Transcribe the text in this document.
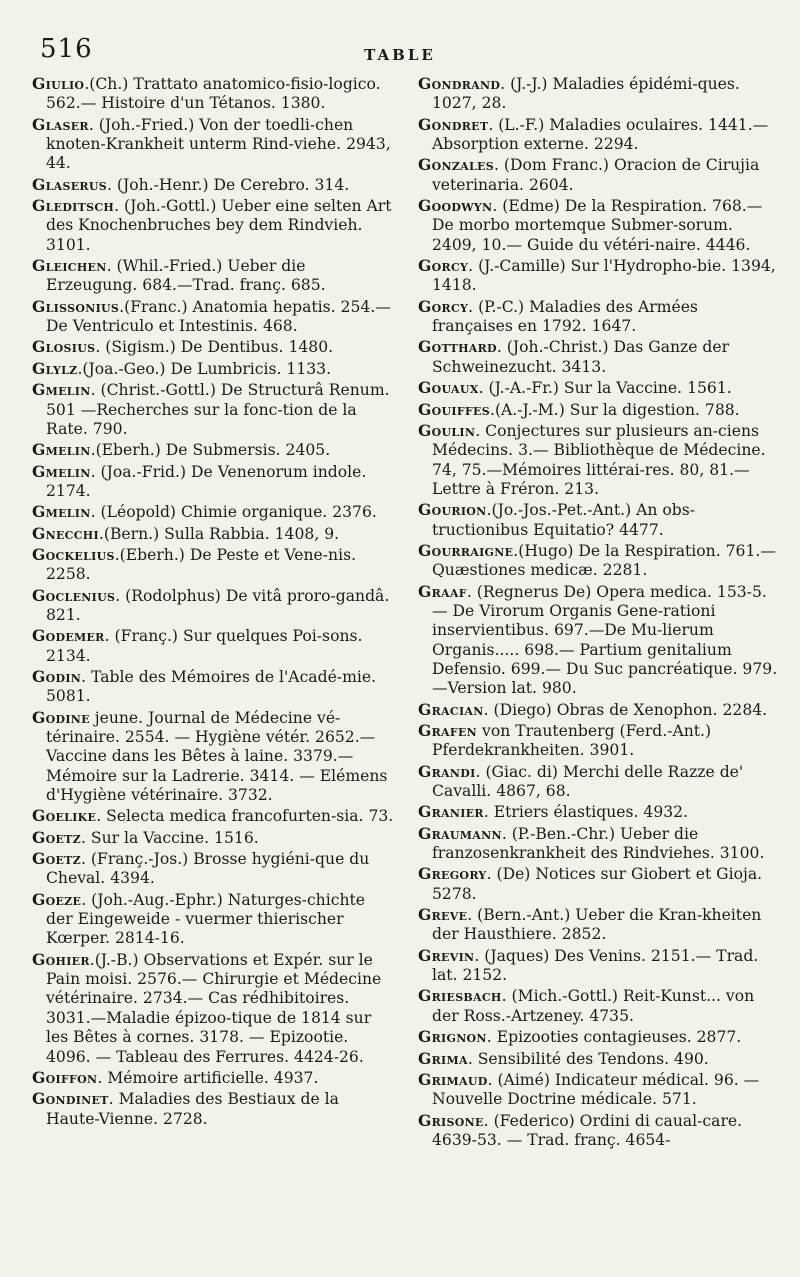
516	TABLE

Giulio.(Ch.) Trattato anatomico-fisio-logico. 562.— Histoire d'un Tétanos. 1380.

Glaser. (Joh.-Fried.) Von der toedli-chen knoten-Krankheit unterm Rind-viehe. 2943, 44.

Glaserus. (Joh.-Henr.) De Cerebro. 314.

Gleditsch. (Joh.-Gottl.) Ueber eine selten Art des Knochenbruches bey dem Rindvieh. 3101.

Gleichen. (Whil.-Fried.) Ueber die Erzeugung. 684.—Trad. franç. 685.

Glissonius.(Franc.) Anatomia hepatis. 254.—De Ventriculo et Intestinis. 468.

Glosius. (Sigism.) De Dentibus. 1480.

Glylz.(Joa.-Geo.) De Lumbricis. 1133.

Gmelin. (Christ.-Gottl.) De Structurâ Renum. 501 —Recherches sur la fonc-tion de la Rate. 790.

Gmelin.(Eberh.) De Submersis. 2405.

Gmelin. (Joa.-Frid.) De Venenorum indole. 2174.

Gmelin. (Léopold) Chimie organique. 2376.

Gnecchi.(Bern.) Sulla Rabbia. 1408, 9.

Gockelius.(Eberh.) De Peste et Vene-nis. 2258.

Goclenius. (Rodolphus) De vitâ proro-gandâ. 821.

Godemer. (Franç.) Sur quelques Poi-sons. 2134.

Godin. Table des Mémoires de l'Acadé-mie. 5081.

Godine jeune. Journal de Médecine vé-térinaire. 2554. — Hygiène vétér. 2652.—Vaccine dans les Bêtes à laine. 3379.—Mémoire sur la Ladrerie. 3414. — Elémens d'Hygiène vétérinaire. 3732.

Goelike. Selecta medica francofurten-sia. 73.

Goetz. Sur la Vaccine. 1516.

Goetz. (Franç.-Jos.) Brosse hygiéni-que du Cheval. 4394.

Goeze. (Joh.-Aug.-Ephr.) Naturges-chichte der Eingeweide - vuermer thierischer Kœrper. 2814-16.

Gohier.(J.-B.) Observations et Expér. sur le Pain moisi. 2576.— Chirurgie et Médecine vétérinaire. 2734.— Cas rédhibitoires. 3031.—Maladie épizoo-tique de 1814 sur les Bêtes à cornes. 3178. — Epizootie. 4096. — Tableau des Ferrures. 4424-26.

Goiffon. Mémoire artificielle. 4937.

Gondinet. Maladies des Bestiaux de la Haute-Vienne. 2728.

Gondrand. (J.-J.) Maladies épidémi-ques. 1027, 28.

Gondret. (L.-F.) Maladies oculaires. 1441.—Absorption externe. 2294.

Gonzales. (Dom Franc.) Oracion de Cirujia veterinaria. 2604.

Goodwyn. (Edme) De la Respiration. 768.—De morbo mortemque Submer-sorum. 2409, 10.— Guide du vétéri-naire. 4446.

Gorcy. (J.-Camille) Sur l'Hydropho-bie. 1394, 1418.

Gorcy. (P.-C.) Maladies des Armées françaises en 1792. 1647.

Gotthard. (Joh.-Christ.) Das Ganze der Schweinezucht. 3413.

Gouaux. (J.-A.-Fr.) Sur la Vaccine. 1561.

Gouiffes.(A.-J.-M.) Sur la digestion. 788.

Goulin. Conjectures sur plusieurs an-ciens Médecins. 3.— Bibliothèque de Médecine. 74, 75.—Mémoires littérai-res. 80, 81.—Lettre à Fréron. 213.

Gourion.(Jo.-Jos.-Pet.-Ant.) An obs-tructionibus Equitatio? 4477.

Gourraigne.(Hugo) De la Respiration. 761.—Quæstiones medicæ. 2281.

Graaf. (Regnerus De) Opera medica. 153-5.— De Virorum Organis Gene-rationi inservientibus. 697.—De Mu-lierum Organis..... 698.— Partium genitalium Defensio. 699.— Du Suc pancréatique. 979.—Version lat. 980.

Gracian. (Diego) Obras de Xenophon. 2284.

Grafen von Trautenberg (Ferd.-Ant.) Pferdekrankheiten. 3901.

Grandi. (Giac. di) Merchi delle Razze de' Cavalli. 4867, 68.

Granier. Etriers élastiques. 4932.

Graumann. (P.-Ben.-Chr.) Ueber die franzosenkrankheit des Rindviehes. 3100.

Gregory. (De) Notices sur Giobert et Gioja. 5278.

Greve. (Bern.-Ant.) Ueber die Kran-kheiten der Hausthiere. 2852.

Grevin. (Jaques) Des Venins. 2151.— Trad. lat. 2152.

Griesbach. (Mich.-Gottl.) Reit-Kunst... von der Ross.-Artzeney. 4735.

Grignon. Epizooties contagieuses. 2877.

Grima. Sensibilité des Tendons. 490.

Grimaud. (Aimé) Indicateur médical. 96. — Nouvelle Doctrine médicale. 571.

Grisone. (Federico) Ordini di caual-care. 4639-53. — Trad. franç. 4654-
